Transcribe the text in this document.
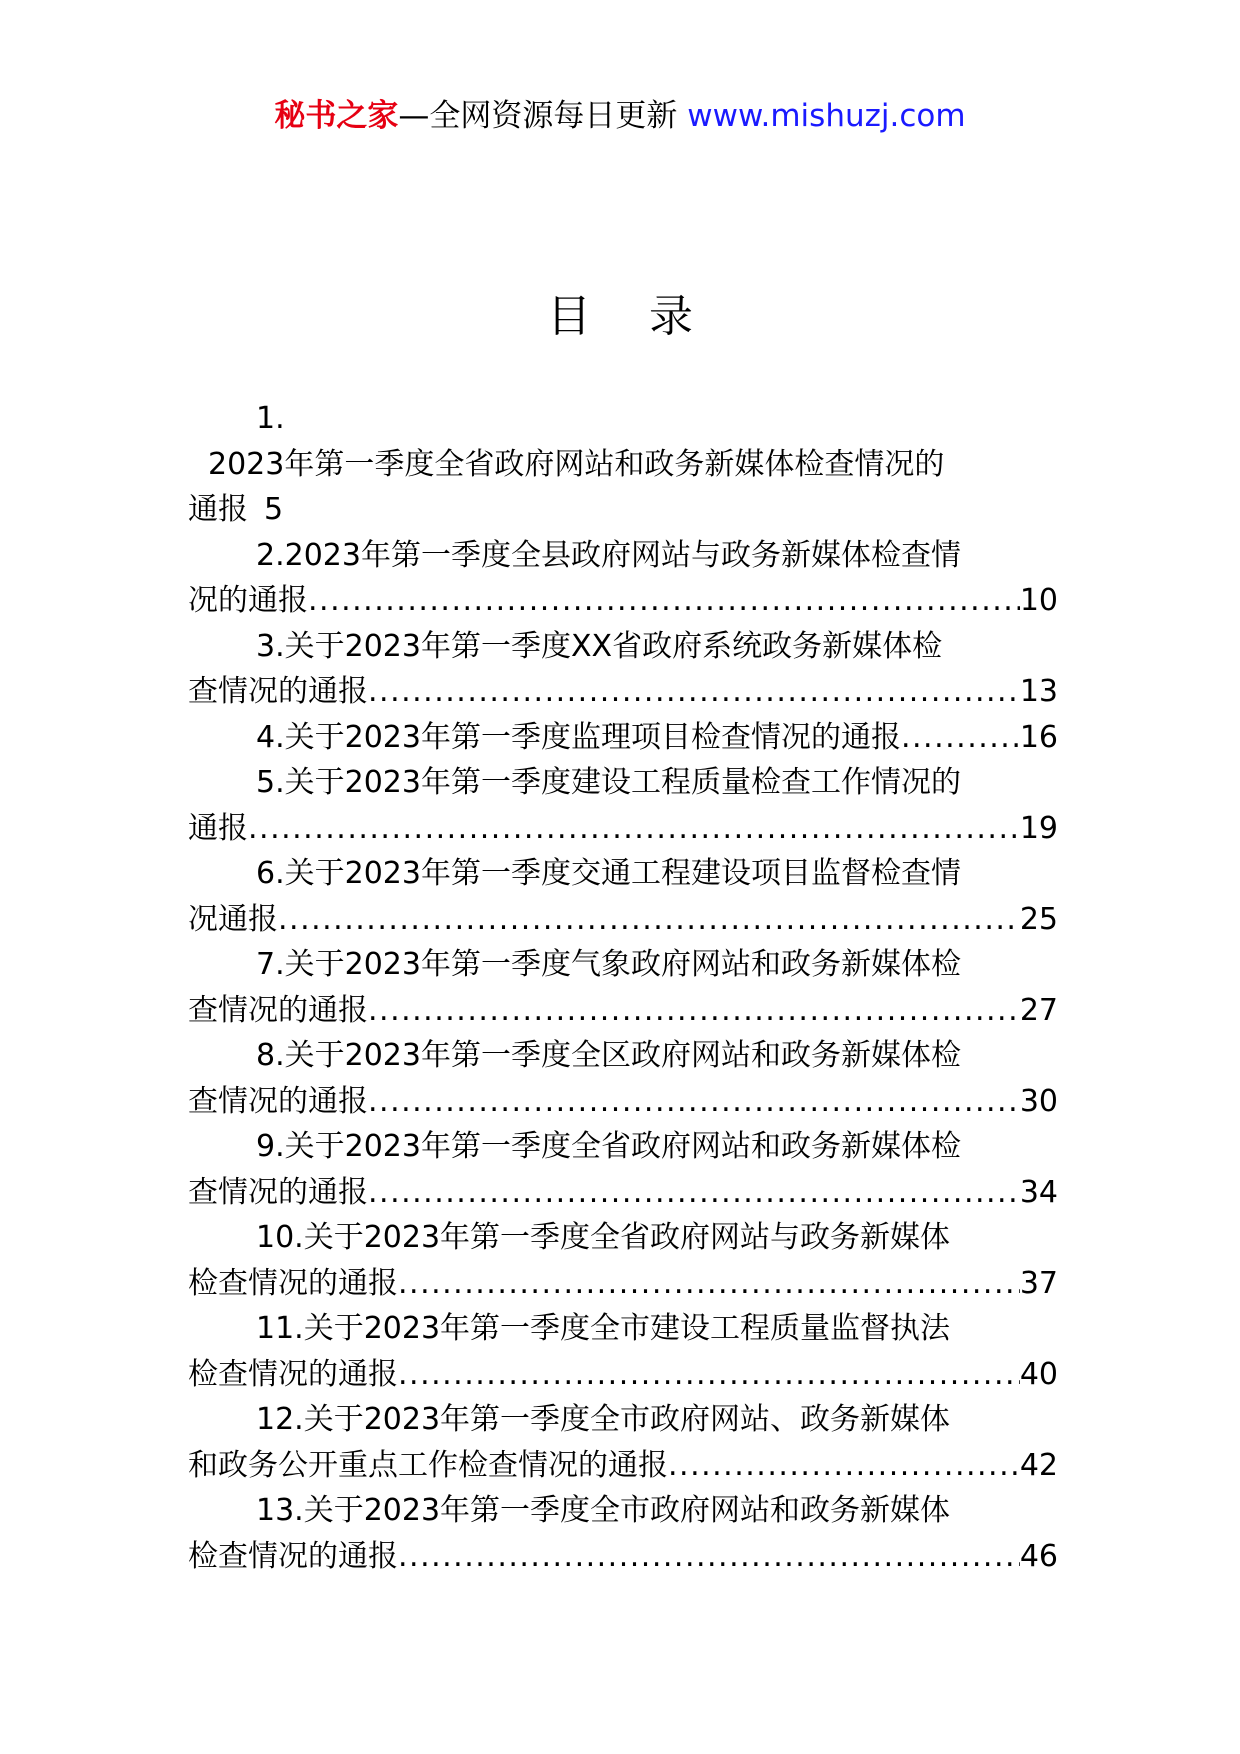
秘书之家—全网资源每日更新 www.mishuzj.com
目 录
1.
2023年第一季度全省政府网站和政务新媒体检查情况的
通报 5
2.2023年第一季度全县政府网站与政务新媒体检查情
况的通报 .....	10
3.关于2023年第一季度XX省政府系统政务新媒体检
查情况的通报 .....	13
4.关于2023年第一季度监理项目检查情况的通报 .....	16
5.关于2023年第一季度建设工程质量检查工作情况的
通报 .....	19
6.关于2023年第一季度交通工程建设项目监督检查情
况通报 .....	25
7.关于2023年第一季度气象政府网站和政务新媒体检
查情况的通报 .....	27
8.关于2023年第一季度全区政府网站和政务新媒体检
查情况的通报 .....	30
9.关于2023年第一季度全省政府网站和政务新媒体检
查情况的通报 .....	34
10.关于2023年第一季度全省政府网站与政务新媒体
检查情况的通报 .....	37
11.关于2023年第一季度全市建设工程质量监督执法
检查情况的通报 .....	40
12.关于2023年第一季度全市政府网站、政务新媒体
和政务公开重点工作检查情况的通报 .....	42
13.关于2023年第一季度全市政府网站和政务新媒体
检查情况的通报 .....	46
